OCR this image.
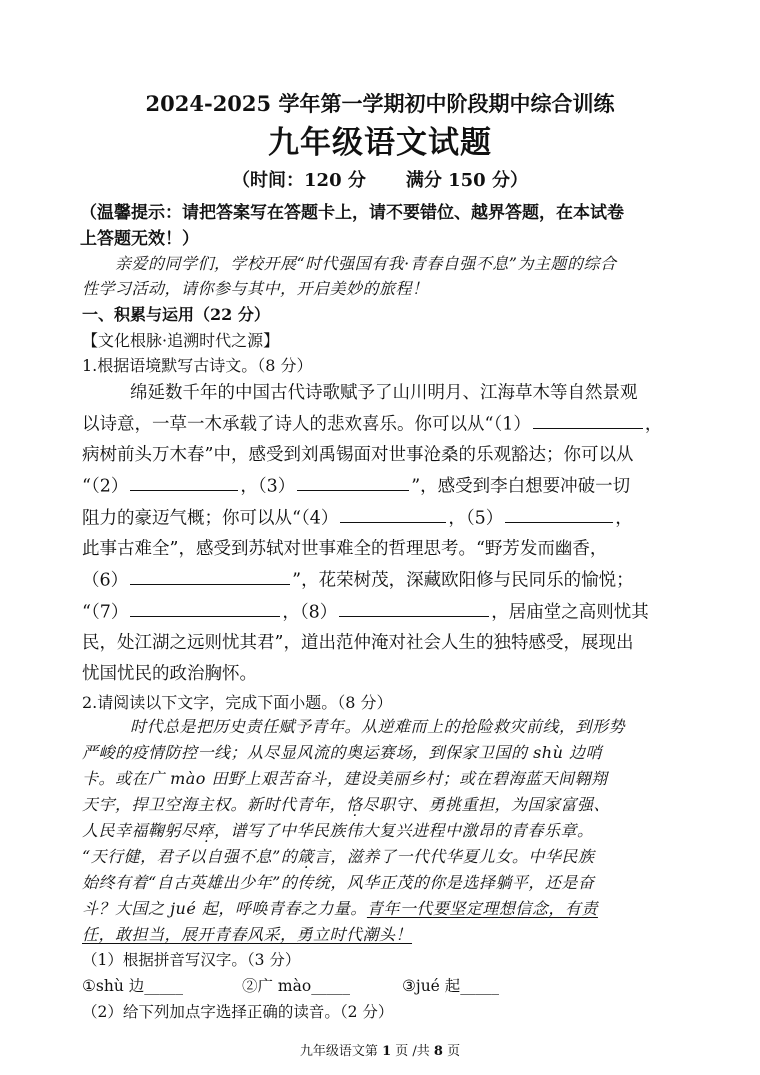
2024-2025 学年第一学期初中阶段期中综合训练
九年级语文试题
（时间：120 分 满分 150 分）
（温馨提示：请把答案写在答题卡上，请不要错位、越界答题，在本试卷
上答题无效！）
亲爱的同学们，学校开展“时代强国有我·青春自强不息”为主题的综合
性学习活动，请你参与其中，开启美妙的旅程！
一、积累与运用（22 分）
【文化根脉·追溯时代之源】
1.根据语境默写古诗文。（8 分）
绵延数千年的中国古代诗歌赋予了山川明月、江海草木等自然景观
以诗意，一草一木承载了诗人的悲欢喜乐。你可以从“（1）	，
病树前头万木春”中，感受到刘禹锡面对世事沧桑的乐观豁达；你可以从
“（2）	，（3）	”，感受到李白想要冲破一切
阻力的豪迈气概；你可以从“（4）	，（5）	，
此事古难全”，感受到苏轼对世事难全的哲理思考。“野芳发而幽香，
（6）	”，花荣树茂，深藏欧阳修与民同乐的愉悦；
“（7）	，（8）	，居庙堂之高则忧其
民，处江湖之远则忧其君”，道出范仲淹对社会人生的独特感受，展现出
忧国忧民的政治胸怀。
2.请阅读以下文字，完成下面小题。（8 分）
时代总是把历史责任赋予青年。从逆难而上的抢险救灾前线，到形势
严峻的疫情防控一线；从尽显风流的奥运赛场，到保家卫国的 shù 边哨
卡。或在广 mào 田野上艰苦奋斗，建设美丽乡村；或在碧海蓝天间翱翔
天宇，捍卫空海主权。新时代青年，恪尽职守、勇挑重担，为国家富强、
人民幸福鞠躬尽瘁，谱写了中华民族伟大复兴进程中激昂的青春乐章。
“天行健，君子以自强不息”的箴言，滋养了一代代华夏儿女。中华民族
始终有着“自古英雄出少年”的传统，风华正茂的你是选择躺平，还是奋
斗？大国之 jué 起，呼唤青春之力量。青年一代要坚定理想信念，有责
任，敢担当，展开青春风采，勇立时代潮头！
九年级语文第 1 页 /共 8 页
（1）根据拼音写汉字。（3 分）
①shù 边_____	②广 mào_____	③jué 起_____
（2）给下列加点字选择正确的读音。（2 分）
